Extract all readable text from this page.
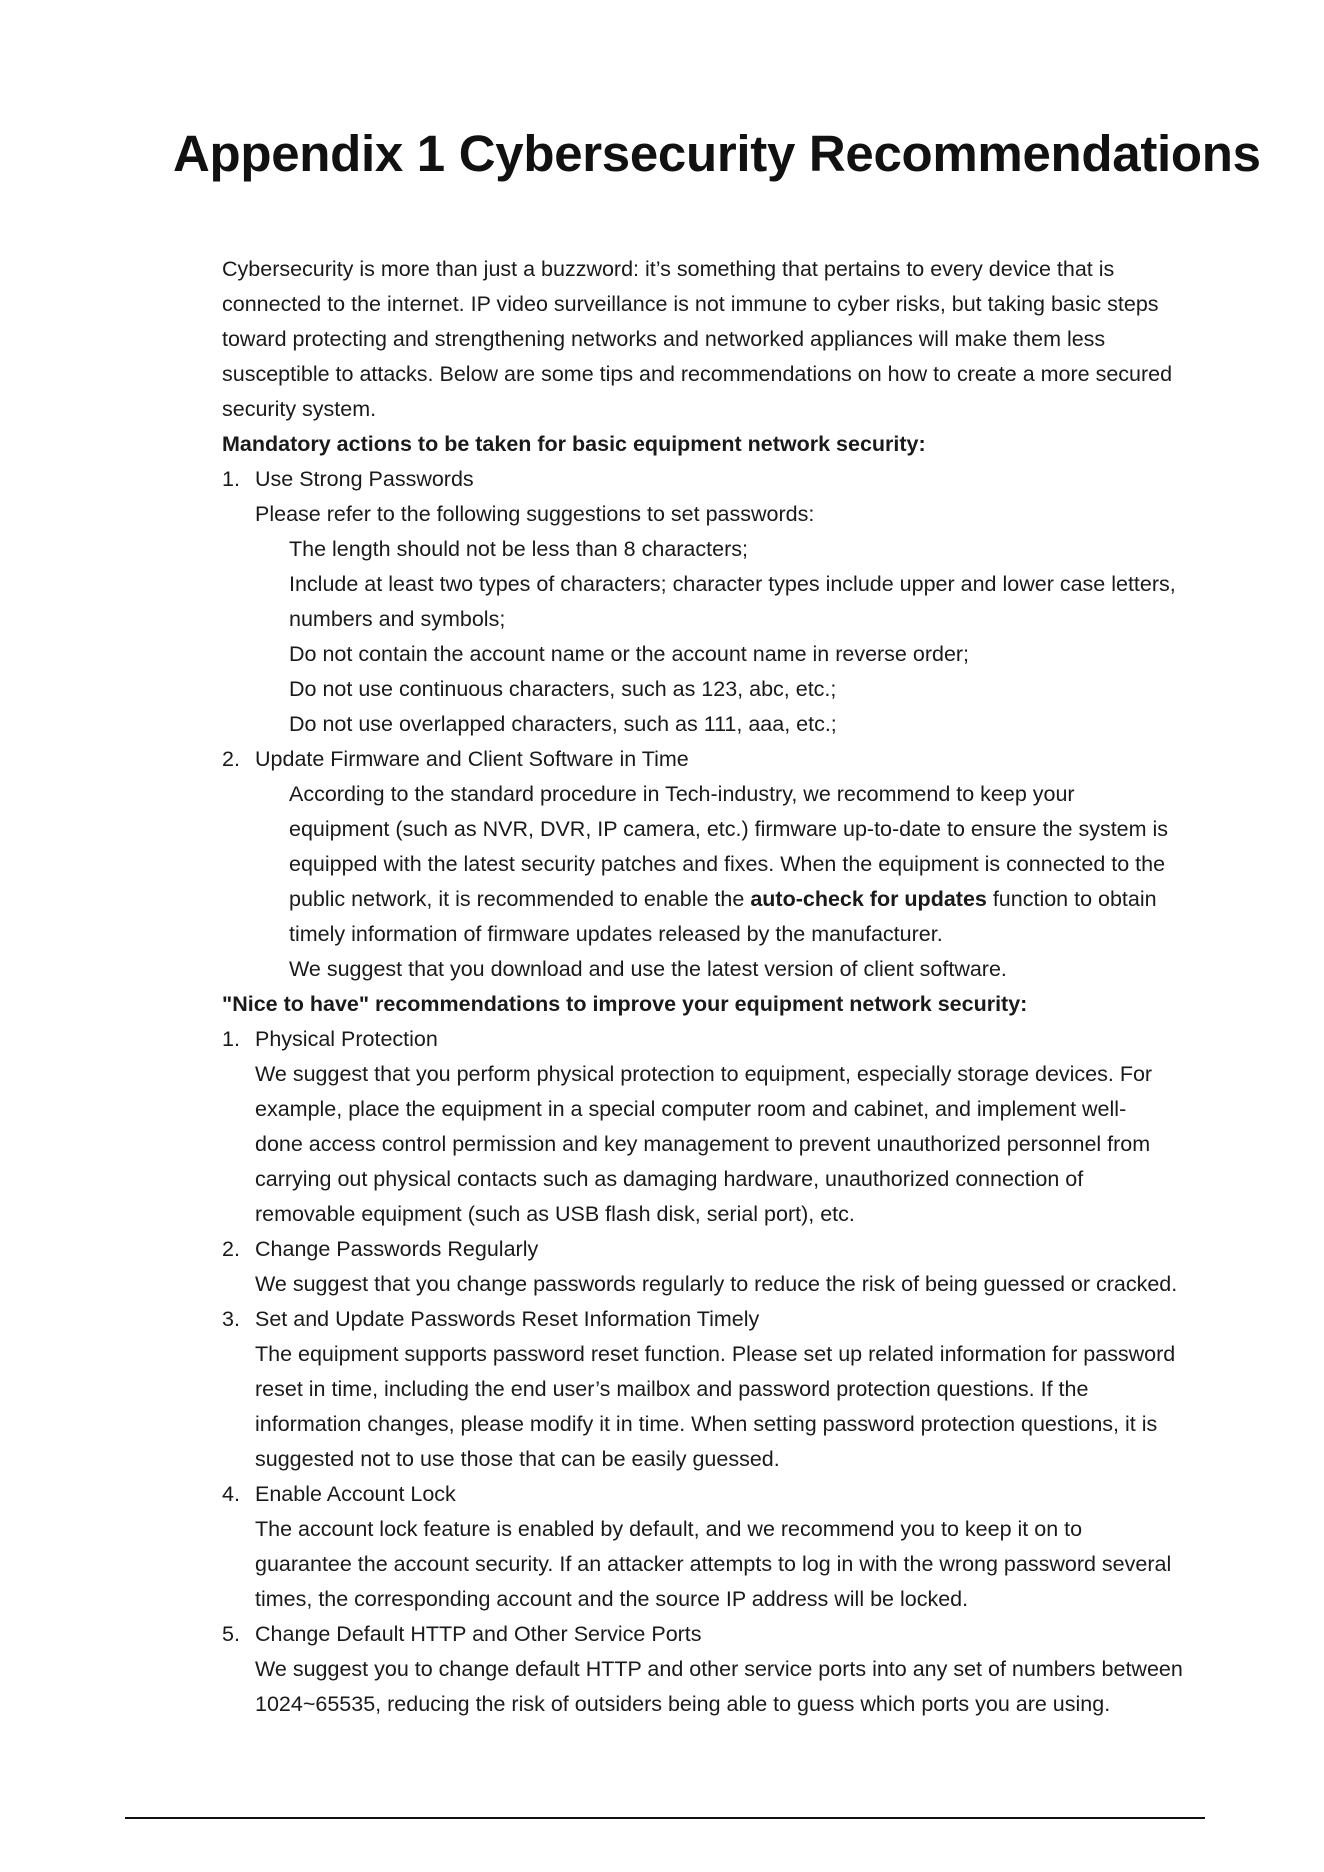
Appendix 1 Cybersecurity Recommendations
Cybersecurity is more than just a buzzword: it’s something that pertains to every device that is
connected to the internet. IP video surveillance is not immune to cyber risks, but taking basic steps
toward protecting and strengthening networks and networked appliances will make them less
susceptible to attacks. Below are some tips and recommendations on how to create a more secured
security system.
Mandatory actions to be taken for basic equipment network security:
1. Use Strong Passwords
Please refer to the following suggestions to set passwords:
The length should not be less than 8 characters;
Include at least two types of characters; character types include upper and lower case letters,
numbers and symbols;
Do not contain the account name or the account name in reverse order;
Do not use continuous characters, such as 123, abc, etc.;
Do not use overlapped characters, such as 111, aaa, etc.;
2. Update Firmware and Client Software in Time
According to the standard procedure in Tech-industry, we recommend to keep your
equipment (such as NVR, DVR, IP camera, etc.) firmware up-to-date to ensure the system is
equipped with the latest security patches and fixes. When the equipment is connected to the
public network, it is recommended to enable the auto-check for updates function to obtain
timely information of firmware updates released by the manufacturer.
We suggest that you download and use the latest version of client software.
"Nice to have" recommendations to improve your equipment network security:
1. Physical Protection
We suggest that you perform physical protection to equipment, especially storage devices. For
example, place the equipment in a special computer room and cabinet, and implement well-
done access control permission and key management to prevent unauthorized personnel from
carrying out physical contacts such as damaging hardware, unauthorized connection of
removable equipment (such as USB flash disk, serial port), etc.
2. Change Passwords Regularly
We suggest that you change passwords regularly to reduce the risk of being guessed or cracked.
3. Set and Update Passwords Reset Information Timely
The equipment supports password reset function. Please set up related information for password
reset in time, including the end user’s mailbox and password protection questions. If the
information changes, please modify it in time. When setting password protection questions, it is
suggested not to use those that can be easily guessed.
4. Enable Account Lock
The account lock feature is enabled by default, and we recommend you to keep it on to
guarantee the account security. If an attacker attempts to log in with the wrong password several
times, the corresponding account and the source IP address will be locked.
5. Change Default HTTP and Other Service Ports
We suggest you to change default HTTP and other service ports into any set of numbers between
1024~65535, reducing the risk of outsiders being able to guess which ports you are using.
